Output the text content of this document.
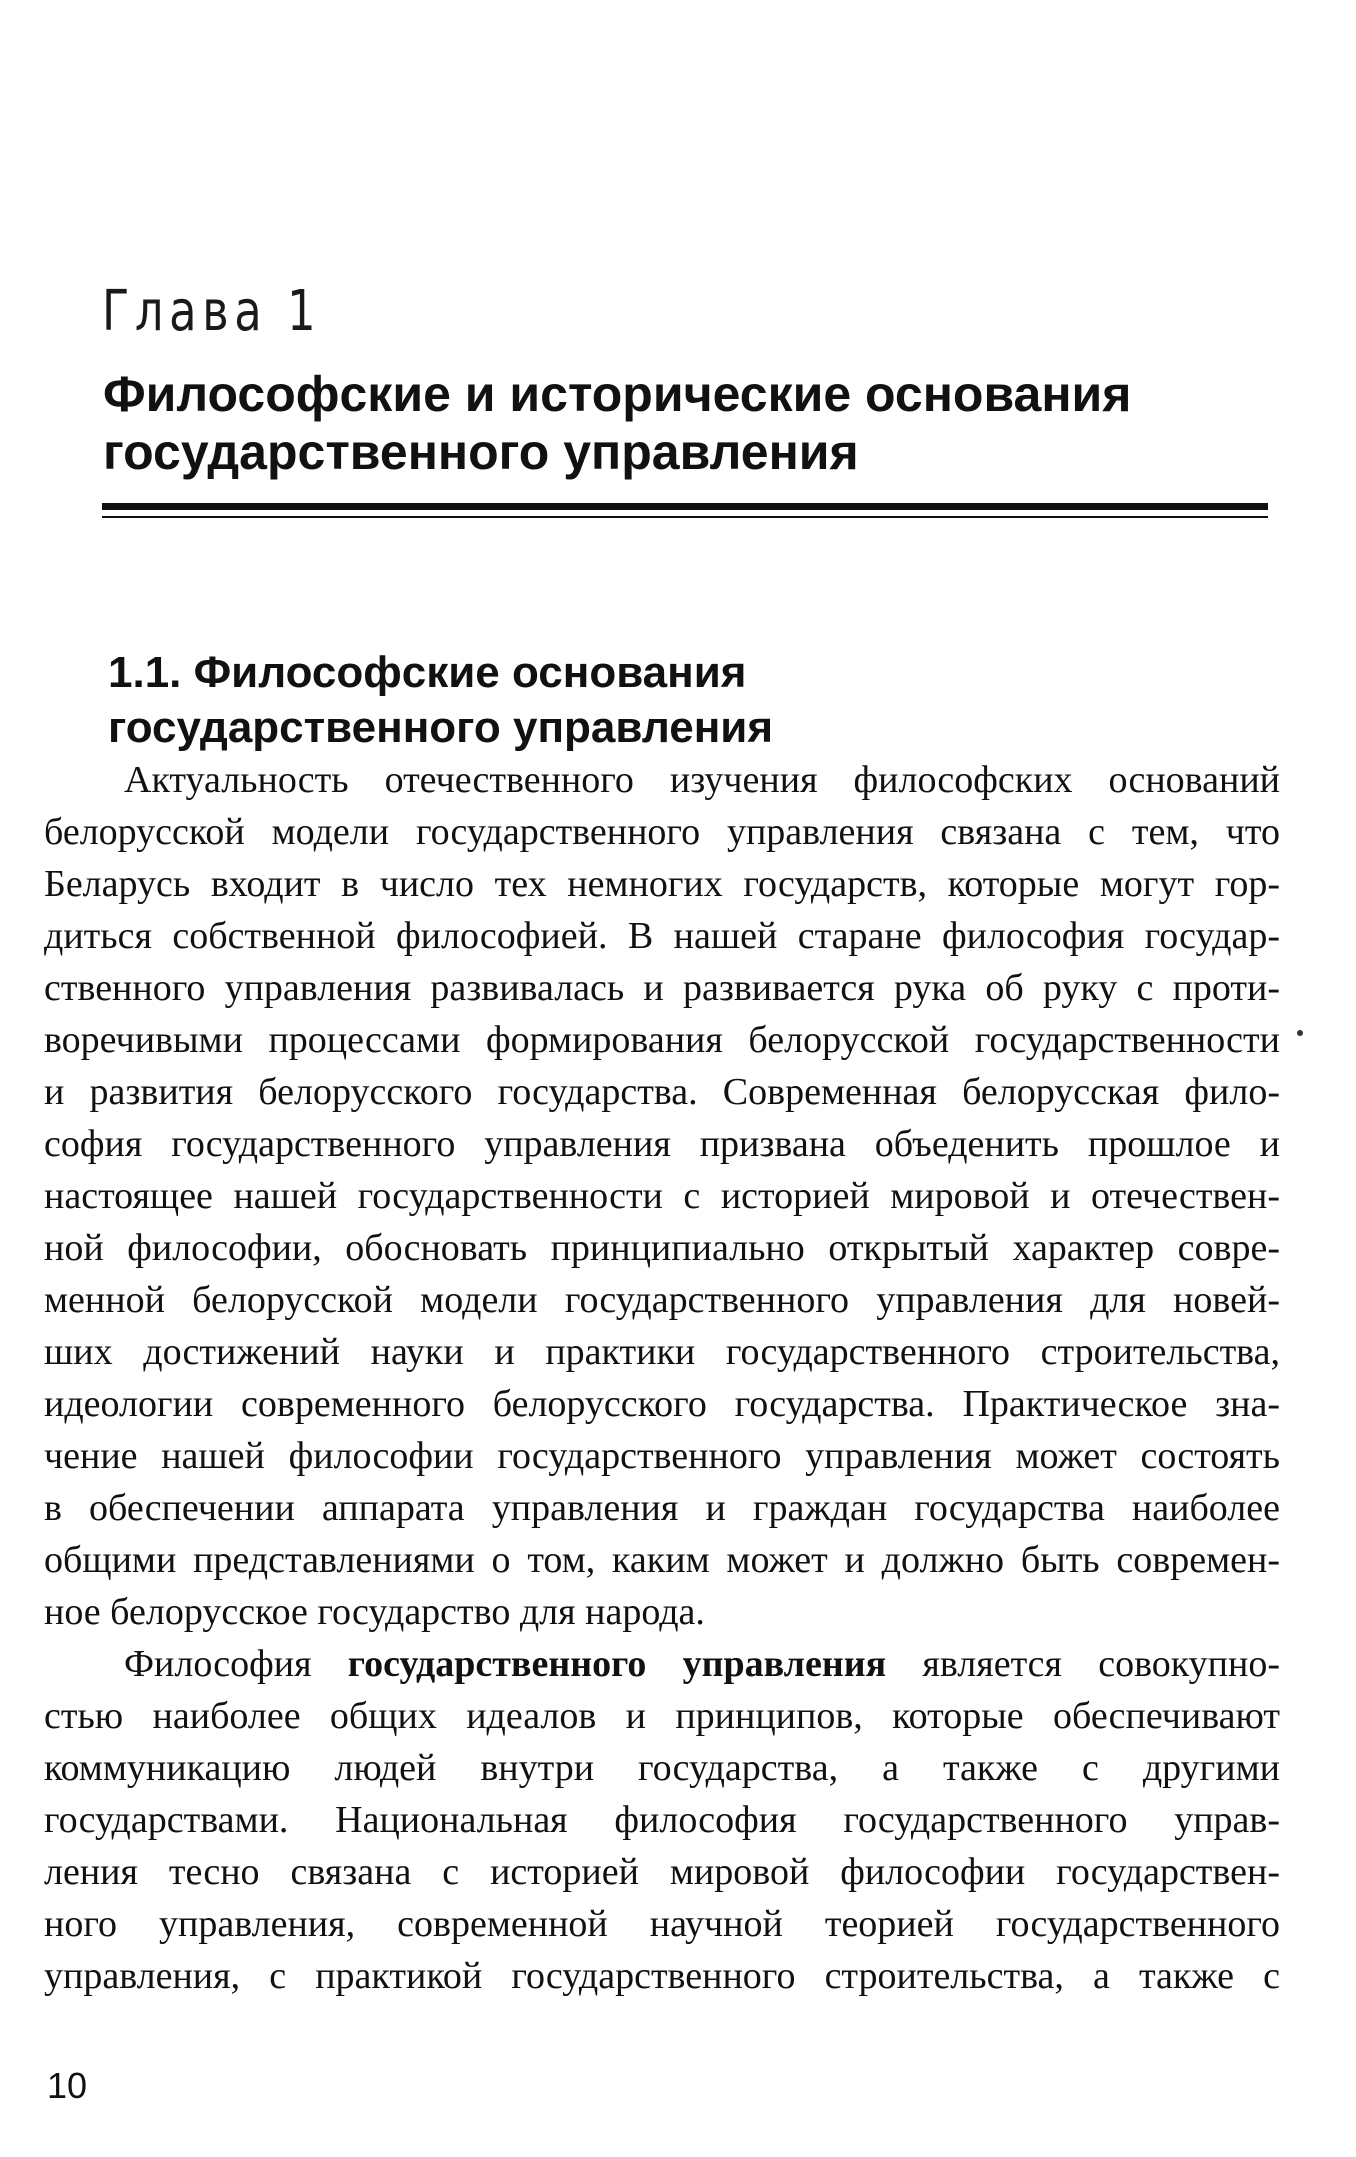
Глава 1
Философские и исторические основания
государственного управления
1.1. Философские основания
государственного управления
Актуальность отечественного изучения философских оснований
белорусской модели государственного управления связана с тем, что
Беларусь входит в число тех немногих государств, которые могут гор-
диться собственной философией. В нашей старане философия государ-
ственного управления развивалась и развивается рука об руку с проти-
воречивыми процессами формирования белорусской государственности
и развития белорусского государства. Современная белорусская фило-
софия государственного управления призвана объеденить прошлое и
настоящее нашей государственности с историей мировой и отечествен-
ной философии, обосновать принципиально открытый характер совре-
менной белорусской модели государственного управления для новей-
ших достижений науки и практики государственного строительства,
идеологии современного белорусского государства. Практическое зна-
чение нашей философии государственного управления может состоять
в обеспечении аппарата управления и граждан государства наиболее
общими представлениями о том, каким может и должно быть современ-
ное белорусское государство для народа.
Философия государственного управления является совокупно-
стью наиболее общих идеалов и принципов, которые обеспечивают
коммуникацию людей внутри государства, а также с другими
государствами. Национальная философия государственного управ-
ления тесно связана с историей мировой философии государствен-
ного управления, современной научной теорией государственного
управления, с практикой государственного строительства, а также с
10
